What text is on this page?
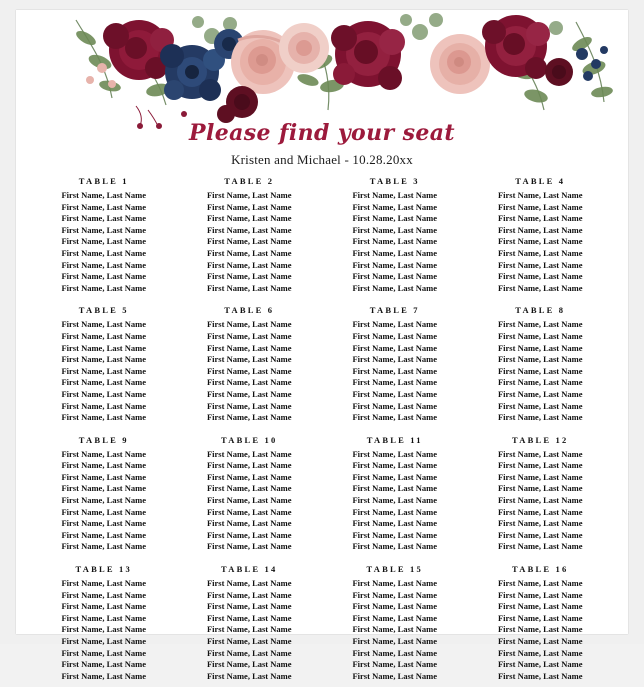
Please find your seat
Kristen and Michael - 10.28.20xx
TABLE 1
First Name, Last Name
First Name, Last Name
First Name, Last Name
First Name, Last Name
First Name, Last Name
First Name, Last Name
First Name, Last Name
First Name, Last Name
First Name, Last Name
TABLE 2
First Name, Last Name
First Name, Last Name
First Name, Last Name
First Name, Last Name
First Name, Last Name
First Name, Last Name
First Name, Last Name
First Name, Last Name
First Name, Last Name
TABLE 3
First Name, Last Name
First Name, Last Name
First Name, Last Name
First Name, Last Name
First Name, Last Name
First Name, Last Name
First Name, Last Name
First Name, Last Name
First Name, Last Name
TABLE 4
First Name, Last Name
First Name, Last Name
First Name, Last Name
First Name, Last Name
First Name, Last Name
First Name, Last Name
First Name, Last Name
First Name, Last Name
First Name, Last Name
TABLE 5
First Name, Last Name
First Name, Last Name
First Name, Last Name
First Name, Last Name
First Name, Last Name
First Name, Last Name
First Name, Last Name
First Name, Last Name
First Name, Last Name
TABLE 6
First Name, Last Name
First Name, Last Name
First Name, Last Name
First Name, Last Name
First Name, Last Name
First Name, Last Name
First Name, Last Name
First Name, Last Name
First Name, Last Name
TABLE 7
First Name, Last Name
First Name, Last Name
First Name, Last Name
First Name, Last Name
First Name, Last Name
First Name, Last Name
First Name, Last Name
First Name, Last Name
First Name, Last Name
TABLE 8
First Name, Last Name
First Name, Last Name
First Name, Last Name
First Name, Last Name
First Name, Last Name
First Name, Last Name
First Name, Last Name
First Name, Last Name
First Name, Last Name
TABLE 9
First Name, Last Name
First Name, Last Name
First Name, Last Name
First Name, Last Name
First Name, Last Name
First Name, Last Name
First Name, Last Name
First Name, Last Name
First Name, Last Name
TABLE 10
First Name, Last Name
First Name, Last Name
First Name, Last Name
First Name, Last Name
First Name, Last Name
First Name, Last Name
First Name, Last Name
First Name, Last Name
First Name, Last Name
TABLE 11
First Name, Last Name
First Name, Last Name
First Name, Last Name
First Name, Last Name
First Name, Last Name
First Name, Last Name
First Name, Last Name
First Name, Last Name
First Name, Last Name
TABLE 12
First Name, Last Name
First Name, Last Name
First Name, Last Name
First Name, Last Name
First Name, Last Name
First Name, Last Name
First Name, Last Name
First Name, Last Name
First Name, Last Name
TABLE 13
First Name, Last Name
First Name, Last Name
First Name, Last Name
First Name, Last Name
First Name, Last Name
First Name, Last Name
First Name, Last Name
First Name, Last Name
First Name, Last Name
TABLE 14
First Name, Last Name
First Name, Last Name
First Name, Last Name
First Name, Last Name
First Name, Last Name
First Name, Last Name
First Name, Last Name
First Name, Last Name
First Name, Last Name
TABLE 15
First Name, Last Name
First Name, Last Name
First Name, Last Name
First Name, Last Name
First Name, Last Name
First Name, Last Name
First Name, Last Name
First Name, Last Name
First Name, Last Name
TABLE 16
First Name, Last Name
First Name, Last Name
First Name, Last Name
First Name, Last Name
First Name, Last Name
First Name, Last Name
First Name, Last Name
First Name, Last Name
First Name, Last Name
